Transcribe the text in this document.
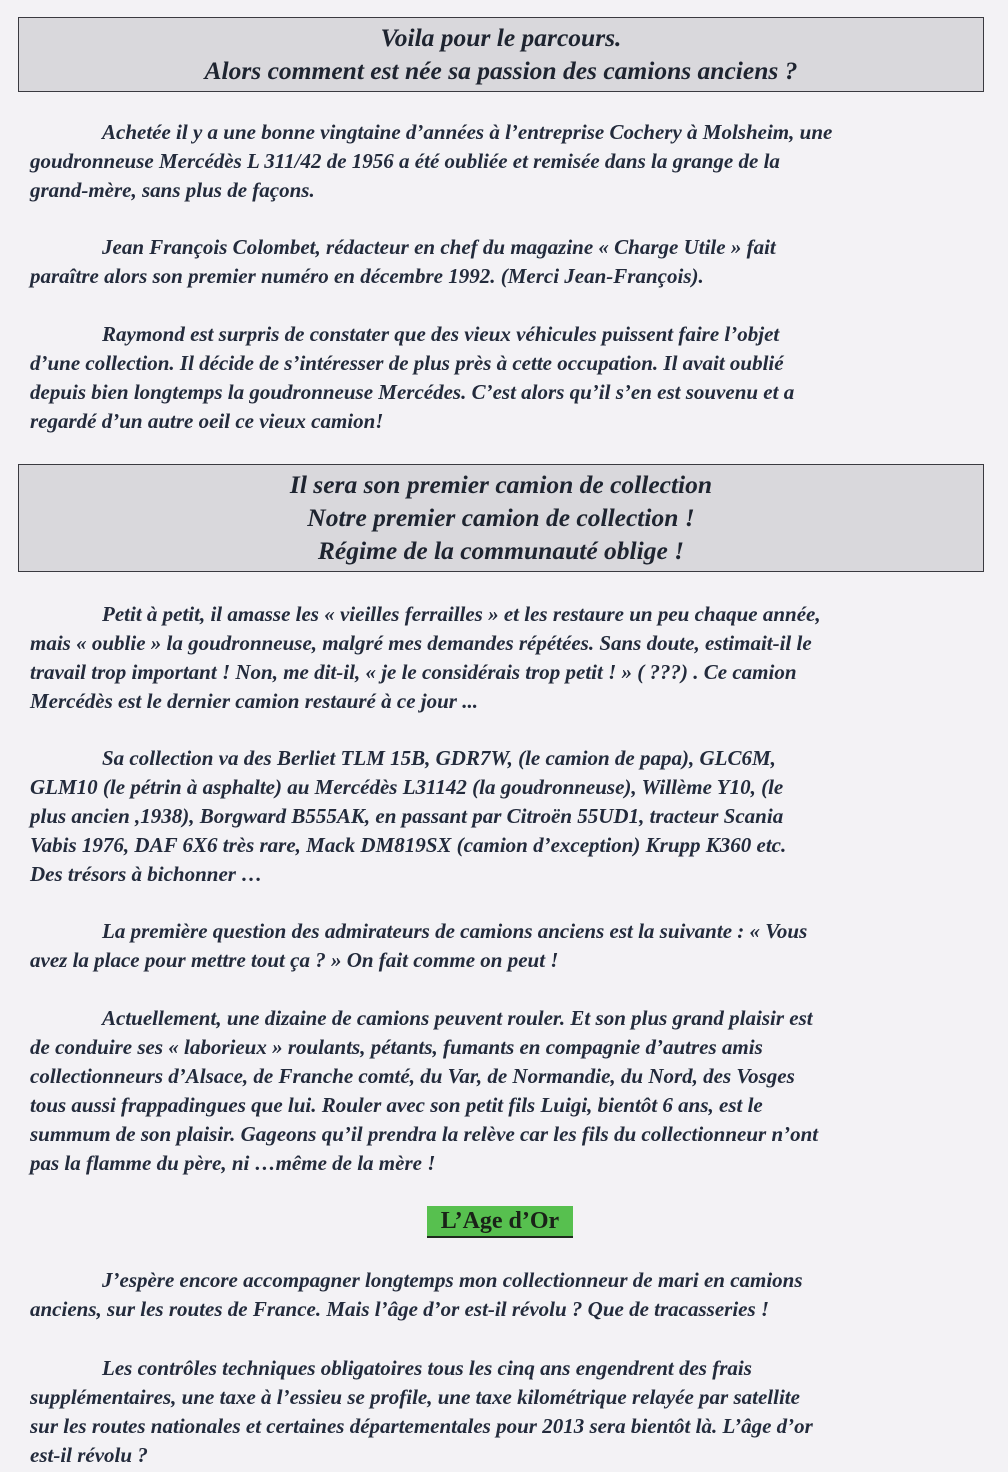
Voila pour le parcours.
Alors comment est née sa passion des camions anciens ?
Achetée il y a une bonne vingtaine d’années à l’entreprise Cochery à Molsheim, une
goudronneuse Mercédès L 311/42 de 1956 a été oubliée et remisée dans la grange de la
grand-mère, sans plus de façons.
Jean François Colombet, rédacteur en chef du magazine « Charge Utile » fait
paraître alors son premier numéro en décembre 1992. (Merci Jean-François).
Raymond est surpris de constater que des vieux véhicules puissent faire l’objet
d’une collection. Il décide de s’intéresser de plus près à cette occupation. Il avait oublié
depuis bien longtemps la goudronneuse Mercédes. C’est alors qu’il s’en est souvenu et a
regardé d’un autre oeil ce vieux camion!
Il sera son premier camion de collection
Notre premier camion de collection !
Régime de la communauté oblige !
Petit à petit, il amasse les « vieilles ferrailles » et les restaure un peu chaque année,
mais « oublie » la goudronneuse, malgré mes demandes répétées. Sans doute, estimait-il le
travail trop important ! Non, me dit-il, « je le considérais trop petit ! » ( ???) . Ce camion
Mercédès est le dernier camion restauré à ce jour ...
Sa collection va des Berliet TLM 15B, GDR7W, (le camion de papa), GLC6M,
GLM10 (le pétrin à asphalte) au Mercédès L31142 (la goudronneuse), Willème Y10, (le
plus ancien ,1938), Borgward B555AK, en passant par Citroën 55UD1, tracteur Scania
Vabis 1976, DAF 6X6 très rare, Mack DM819SX (camion d’exception) Krupp K360 etc.
Des trésors à bichonner …
La première question des admirateurs de camions anciens est la suivante : « Vous
avez la place pour mettre tout ça ? » On fait comme on peut !
Actuellement, une dizaine de camions peuvent rouler. Et son plus grand plaisir est
de conduire ses « laborieux » roulants, pétants, fumants en compagnie d’autres amis
collectionneurs d’Alsace, de Franche comté, du Var, de Normandie, du Nord, des Vosges
tous aussi frappadingues que lui. Rouler avec son petit fils Luigi, bientôt 6 ans, est le
summum de son plaisir. Gageons qu’il prendra la relève car les fils du collectionneur n’ont
pas la flamme du père, ni …même de la mère !
L’Age d’Or
J’espère encore accompagner longtemps mon collectionneur de mari en camions
anciens, sur les routes de France. Mais l’âge d’or est-il révolu ? Que de tracasseries !
Les contrôles techniques obligatoires tous les cinq ans engendrent des frais
supplémentaires, une taxe à l’essieu se profile, une taxe kilométrique relayée par satellite
sur les routes nationales et certaines départementales pour 2013 sera bientôt là. L’âge d’or
est-il révolu ?
